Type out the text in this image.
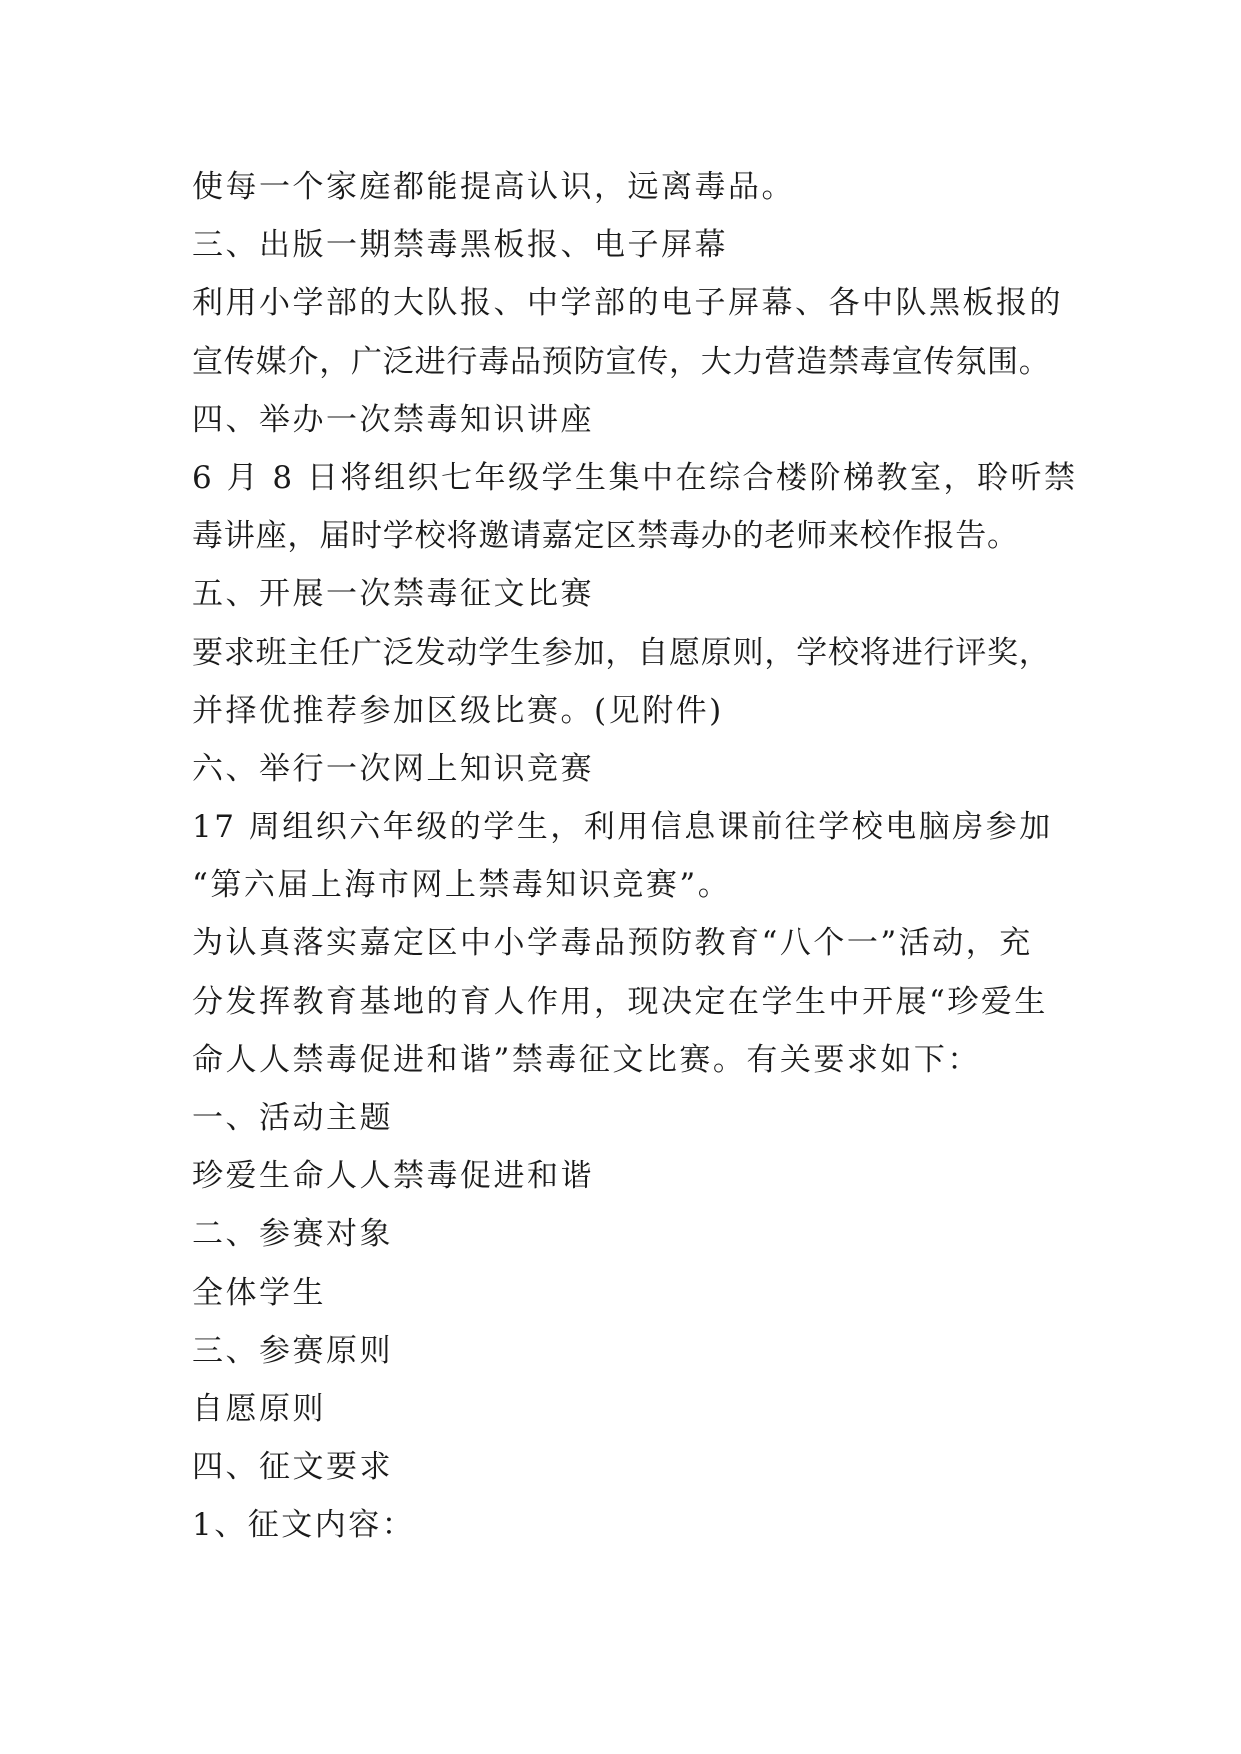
使每一个家庭都能提高认识，远离毒品。
三、出版一期禁毒黑板报、电子屏幕
利用小学部的大队报、中学部的电子屏幕、各中队黑板报的
宣传媒介，广泛进行毒品预防宣传，大力营造禁毒宣传氛围。
四、举办一次禁毒知识讲座
6 月 8 日将组织七年级学生集中在综合楼阶梯教室，聆听禁
毒讲座，届时学校将邀请嘉定区禁毒办的老师来校作报告。
五、开展一次禁毒征文比赛
要求班主任广泛发动学生参加，自愿原则，学校将进行评奖，
并择优推荐参加区级比赛。(见附件)
六、举行一次网上知识竞赛
17 周组织六年级的学生，利用信息课前往学校电脑房参加
“第六届上海市网上禁毒知识竞赛”。
为认真落实嘉定区中小学毒品预防教育“八个一”活动，充
分发挥教育基地的育人作用，现决定在学生中开展“珍爱生
命人人禁毒促进和谐”禁毒征文比赛。有关要求如下：
一、活动主题
珍爱生命人人禁毒促进和谐
二、参赛对象
全体学生
三、参赛原则
自愿原则
四、征文要求
1、征文内容：
